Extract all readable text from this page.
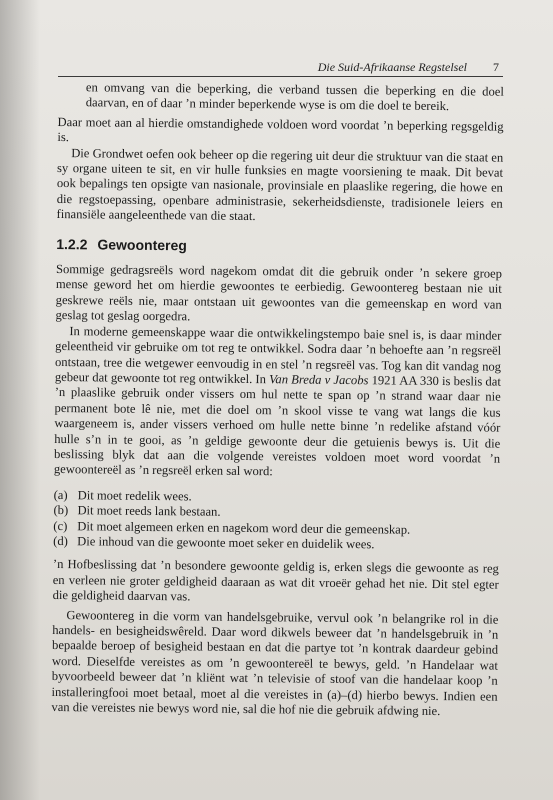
Die Suid-Afrikaanse Regstelsel 7

en omvang van die beperking, die verband tussen die beperking en die doel daarvan, en of daar ’n minder beperkende wyse is om die doel te bereik.

Daar moet aan al hierdie omstandighede voldoen word voordat ’n beperking regsgeldig is.

Die Grondwet oefen ook beheer op die regering uit deur die struktuur van die staat en sy organe uiteen te sit, en vir hulle funksies en magte voorsiening te maak. Dit bevat ook bepalings ten opsigte van nasionale, provinsiale en plaaslike regering, die howe en die regstoepassing, openbare administrasie, sekerheidsdienste, tradisionele leiers en finansiële aangeleenthede van die staat.

1.2.2 Gewoontereg

Sommige gedragsreëls word nagekom omdat dit die gebruik onder ’n sekere groep mense geword het om hierdie gewoontes te eerbiedig. Gewoontereg bestaan nie uit geskrewe reëls nie, maar ontstaan uit gewoontes van die gemeenskap en word van geslag tot geslag oorgedra.

In moderne gemeenskappe waar die ontwikkelingstempo baie snel is, is daar minder geleentheid vir gebruike om tot reg te ontwikkel. Sodra daar ’n behoefte aan ’n regsreël ontstaan, tree die wetgewer eenvoudig in en stel ’n regsreël vas. Tog kan dit vandag nog gebeur dat gewoonte tot reg ontwikkel. In Van Breda v Jacobs 1921 AA 330 is beslis dat ’n plaaslike gebruik onder vissers om hul nette te span op ’n strand waar daar nie permanent bote lê nie, met die doel om ’n skool visse te vang wat langs die kus waargeneem is, ander vissers verhoed om hulle nette binne ’n redelike afstand vóór hulle s’n in te gooi, as ’n geldige gewoonte deur die getuienis bewys is. Uit die beslissing blyk dat aan die volgende vereistes voldoen moet word voordat ’n gewoontereël as ’n regsreël erken sal word:

(a) Dit moet redelik wees.
(b) Dit moet reeds lank bestaan.
(c) Dit moet algemeen erken en nagekom word deur die gemeenskap.
(d) Die inhoud van die gewoonte moet seker en duidelik wees.

’n Hofbeslissing dat ’n besondere gewoonte geldig is, erken slegs die gewoonte as reg en verleen nie groter geldigheid daaraan as wat dit vroeër gehad het nie. Dit stel egter die geldigheid daarvan vas.

Gewoontereg in die vorm van handelsgebruike, vervul ook ’n belangrike rol in die handels- en besigheidswêreld. Daar word dikwels beweer dat ’n handelsgebruik in ’n bepaalde beroep of besigheid bestaan en dat die partye tot ’n kontrak daardeur gebind word. Dieselfde vereistes as om ’n gewoontereël te bewys, geld. ’n Handelaar wat byvoorbeeld beweer dat ’n kliënt wat ’n televisie of stoof van die handelaar koop ’n installeringfooi moet betaal, moet al die vereistes in (a)–(d) hierbo bewys. Indien een van die vereistes nie bewys word nie, sal die hof nie die gebruik afdwing nie.
